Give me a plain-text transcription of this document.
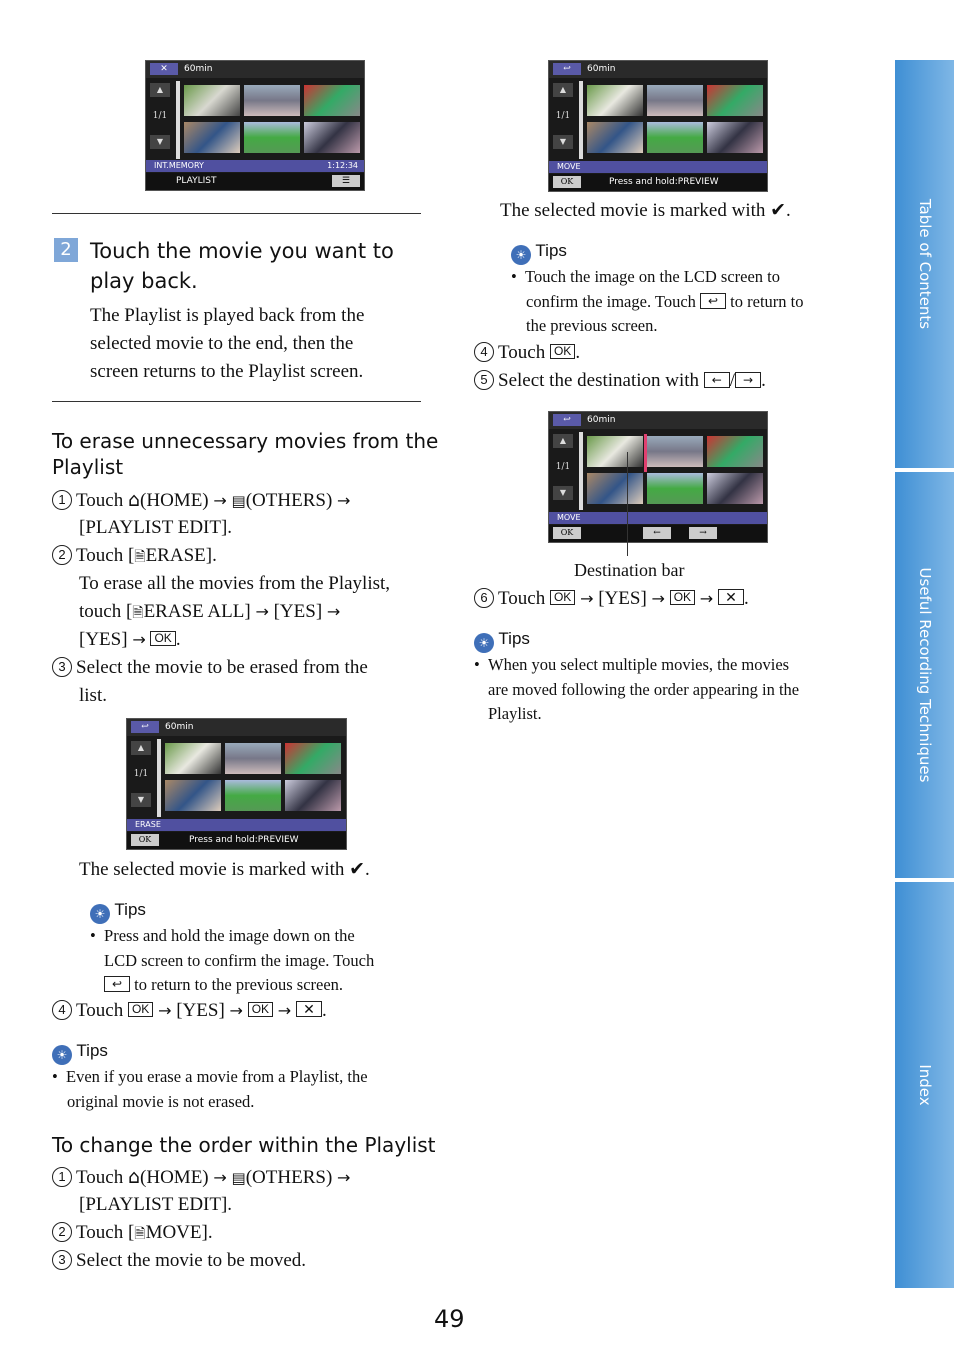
Table of Contents
Useful Recording Techniques
Index
✕	60min
▲
1/1
▼
INT.MEMORY	1:12:34
PLAYLIST	☰
2 Touch the movie you want to
play back.
The Playlist is played back from the
selected movie to the end, then the
screen returns to the Playlist screen.
To erase unnecessary movies from the
Playlist
1 Touch ⌂(HOME) → ▤(OTHERS) →
[PLAYLIST EDIT].
2 Touch [🗎ERASE].
To erase all the movies from the Playlist,
touch [🗎ERASE ALL] → [YES] →
[YES] → OK .
3 Select the movie to be erased from the
list.
↩	60min
▲
1/1
▼
ERASE
OK	Press and hold:PREVIEW
The selected movie is marked with ✔.
☀ Tips
•  Press and hold the image down on the
LCD screen to confirm the image. Touch
↩ to return to the previous screen.
4 Touch OK → [YES] → OK → ✕ .
☀ Tips
•  Even if you erase a movie from a Playlist, the
original movie is not erased.
To change the order within the Playlist
1 Touch ⌂(HOME) → ▤(OTHERS) →
[PLAYLIST EDIT].
2 Touch [🗎MOVE].
3 Select the movie to be moved.
↩	60min
▲
1/1
▼
MOVE
OK	Press and hold:PREVIEW
The selected movie is marked with ✔.
☀ Tips
•  Touch the image on the LCD screen to
confirm the image. Touch ↩ to return to
the previous screen.
4 Touch OK .
5 Select the destination with ← / → .
↩	60min
▲
1/1
▼
MOVE
OK	←	→
Destination bar
6 Touch OK → [YES] → OK → ✕ .
☀ Tips
•  When you select multiple movies, the movies
are moved following the order appearing in the
Playlist.
49
